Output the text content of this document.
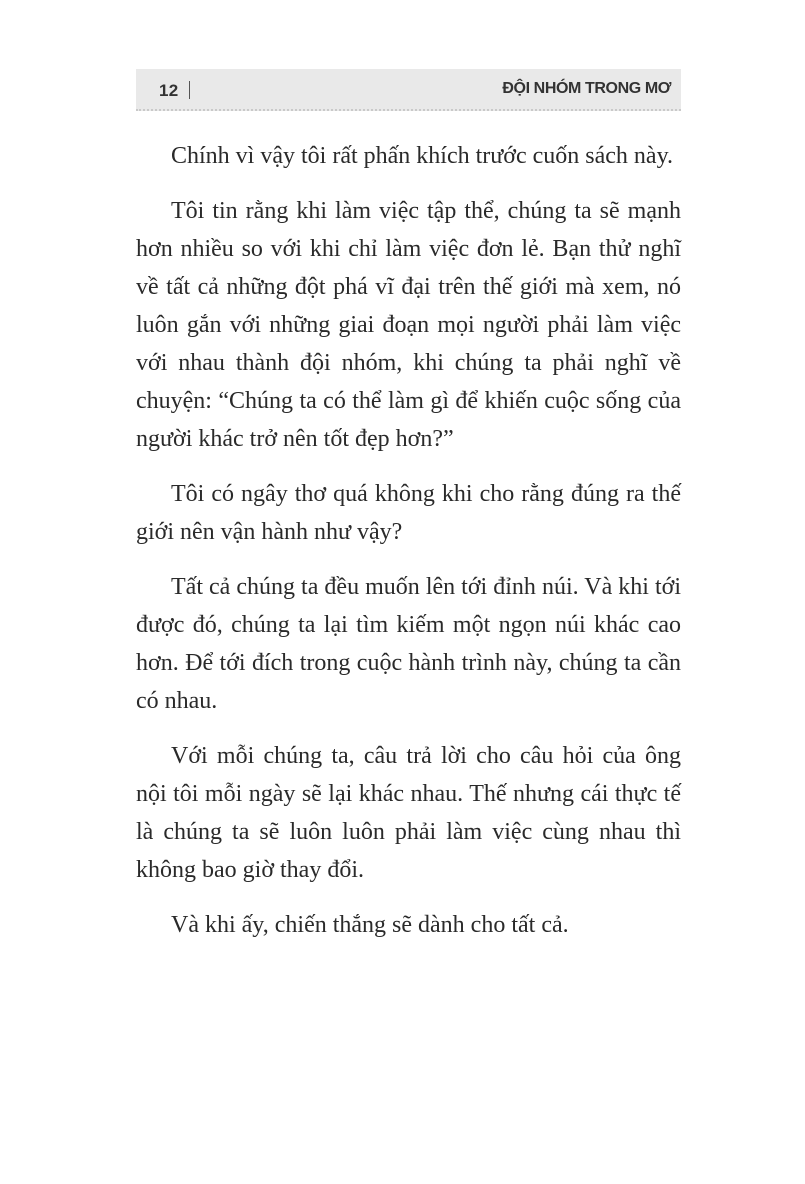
12	ĐỘI NHÓM TRONG MƠ

Chính vì vậy tôi rất phấn khích trước cuốn sách này.

Tôi tin rằng khi làm việc tập thể, chúng ta sẽ mạnh hơn nhiều so với khi chỉ làm việc đơn lẻ. Bạn thử nghĩ về tất cả những đột phá vĩ đại trên thế giới mà xem, nó luôn gắn với những giai đoạn mọi người phải làm việc với nhau thành đội nhóm, khi chúng ta phải nghĩ về chuyện: “Chúng ta có thể làm gì để khiến cuộc sống của người khác trở nên tốt đẹp hơn?”

Tôi có ngây thơ quá không khi cho rằng đúng ra thế giới nên vận hành như vậy?

Tất cả chúng ta đều muốn lên tới đỉnh núi. Và khi tới được đó, chúng ta lại tìm kiếm một ngọn núi khác cao hơn. Để tới đích trong cuộc hành trình này, chúng ta cần có nhau.

Với mỗi chúng ta, câu trả lời cho câu hỏi của ông nội tôi mỗi ngày sẽ lại khác nhau. Thế nhưng cái thực tế là chúng ta sẽ luôn luôn phải làm việc cùng nhau thì không bao giờ thay đổi.

Và khi ấy, chiến thắng sẽ dành cho tất cả.
